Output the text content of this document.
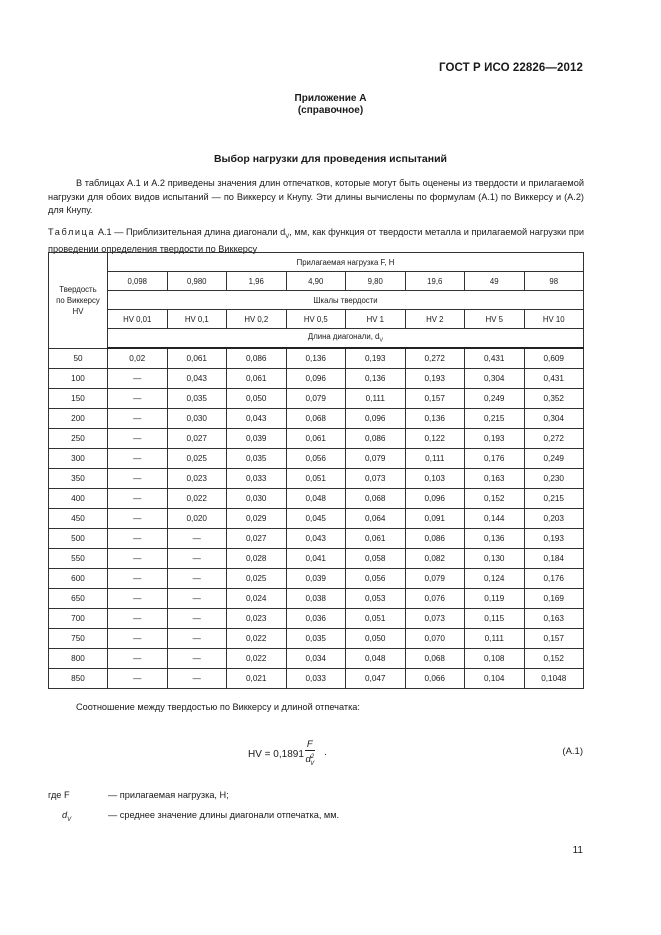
ГОСТ Р ИСО 22826—2012
Приложение А
(справочное)
Выбор нагрузки для проведения испытаний
В таблицах А.1 и А.2 приведены значения длин отпечатков, которые могут быть оценены из твердости и прилагаемой нагрузки для обоих видов испытаний — по Виккерсу и Кнупу. Эти длины вычислены по формулам (А.1) по Виккерсу и (А.2) для Кнупу.
Таблица А.1 — Приблизительная длина диагонали $d_V$, мм, как функция от твердости металла и прилагаемой нагрузки при проведении определения твердости по Виккерсу
Твердость по Виккерсу HV	Прилагаемая нагрузка F, Н							
	0,098	0,980	1,96	4,90	9,80	19,6	49	98
	Шкалы твердости							
	HV 0,01	HV 0,1	HV 0,2	HV 0,5	HV 1	HV 2	HV 5	HV 10
	Длина диагонали, $d_V$
50	0,02	0,061	0,086	0,136	0,193	0,272	0,431	0,609
100	—	0,043	0,061	0,096	0,136	0,193	0,304	0,431
150	—	0,035	0,050	0,079	0,111	0,157	0,249	0,352
200	—	0,030	0,043	0,068	0,096	0,136	0,215	0,304
250	—	0,027	0,039	0,061	0,086	0,122	0,193	0,272
300	—	0,025	0,035	0,056	0,079	0,111	0,176	0,249
350	—	0,023	0,033	0,051	0,073	0,103	0,163	0,230
400	—	0,022	0,030	0,048	0,068	0,096	0,152	0,215
450	—	0,020	0,029	0,045	0,064	0,091	0,144	0,203
500	—	—	0,027	0,043	0,061	0,086	0,136	0,193
550	—	—	0,028	0,041	0,058	0,082	0,130	0,184
600	—	—	0,025	0,039	0,056	0,079	0,124	0,176
650	—	—	0,024	0,038	0,053	0,076	0,119	0,169
700	—	—	0,023	0,036	0,051	0,073	0,115	0,163
750	—	—	0,022	0,035	0,050	0,070	0,111	0,157
800	—	—	0,022	0,034	0,048	0,068	0,108	0,152
850	—	—	0,021	0,033	0,047	0,066	0,104	0,1048
Соотношение между твердостью по Виккерсу и длиной отпечатка:
HV = $0,1891 \frac{F}{d^2_V}$ ·	(А.1)
где F	— прилагаемая нагрузка, Н;
$d_V$	— среднее значение длины диагонали отпечатка, мм.
11
